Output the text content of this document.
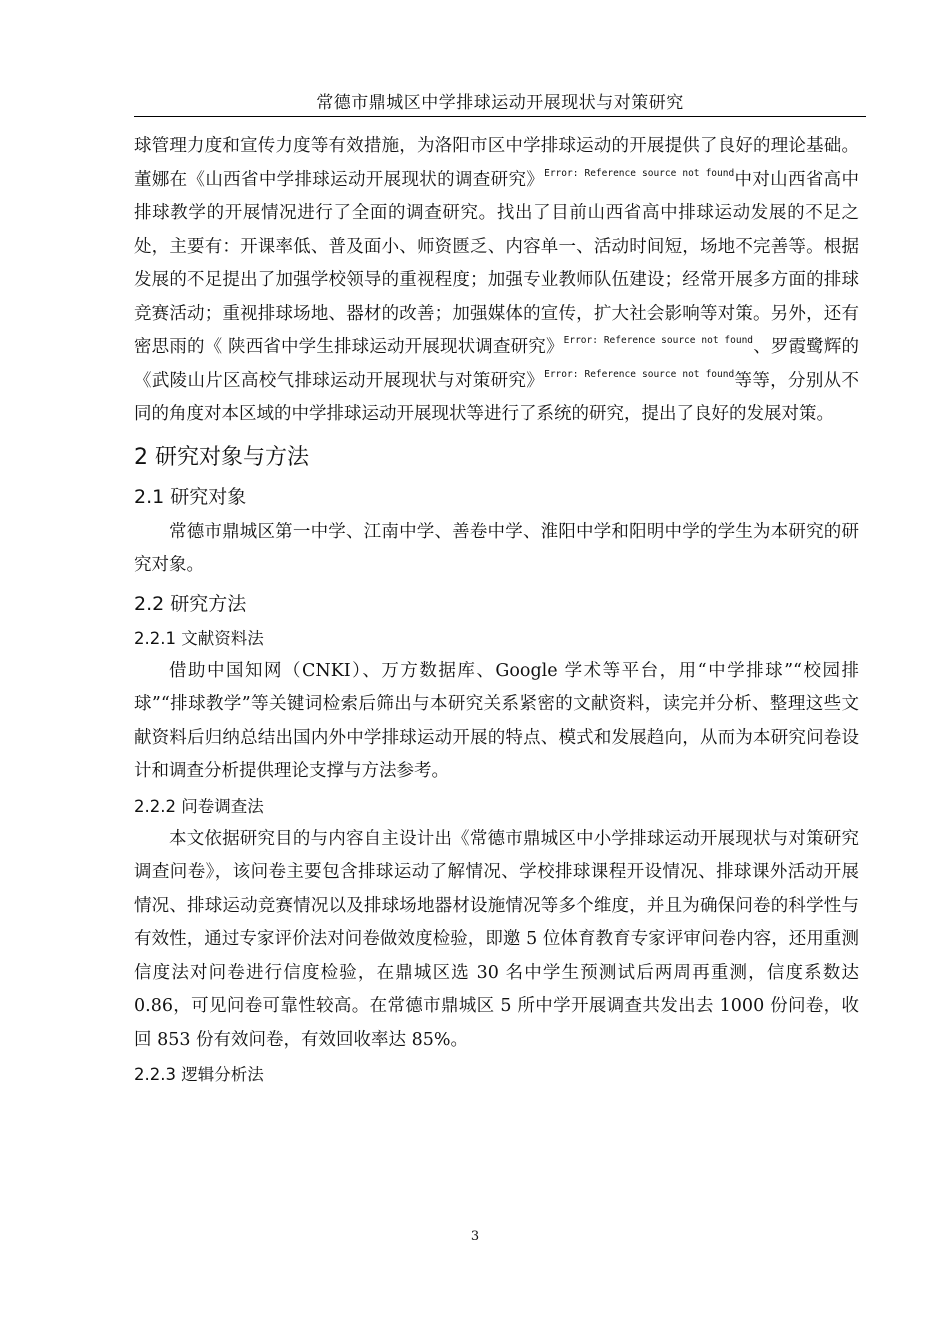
常德市鼎城区中学排球运动开展现状与对策研究

球管理力度和宣传力度等有效措施，为洛阳市区中学排球运动的开展提供了良好的理论基础。董娜在《山西省中学排球运动开展现状的调查研究》$^{Error: Reference source not found}$中对山西省高中排球教学的开展情况进行了全面的调查研究。找出了目前山西省高中排球运动发展的不足之处，主要有：开课率低、普及面小、师资匮乏、内容单一、活动时间短，场地不完善等。根据发展的不足提出了加强学校领导的重视程度；加强专业教师队伍建设；经常开展多方面的排球竞赛活动；重视排球场地、器材的改善；加强媒体的宣传，扩大社会影响等对策。另外，还有密思雨的《 陕西省中学生排球运动开展现状调查研究》$^{Error: Reference source not found}$、罗霞鹭辉的《武陵山片区高校气排球运动开展现状与对策研究》$^{Error: Reference source not found}$等等，分别从不同的角度对本区域的中学排球运动开展现状等进行了系统的研究，提出了良好的发展对策。

2 研究对象与方法
2.1 研究对象

常德市鼎城区第一中学、江南中学、善卷中学、淮阳中学和阳明中学的学生为本研究的研究对象。

2.2 研究方法
2.2.1 文献资料法

借助中国知网（CNKI）、万方数据库、Google 学术等平台，用“中学排球”“校园排球”“排球教学”等关键词检索后筛出与本研究关系紧密的文献资料，读完并分析、整理这些文献资料后归纳总结出国内外中学排球运动开展的特点、模式和发展趋向，从而为本研究问卷设计和调查分析提供理论支撑与方法参考。

2.2.2 问卷调查法

本文依据研究目的与内容自主设计出《常德市鼎城区中小学排球运动开展现状与对策研究调查问卷》，该问卷主要包含排球运动了解情况、学校排球课程开设情况、排球课外活动开展情况、排球运动竞赛情况以及排球场地器材设施情况等多个维度，并且为确保问卷的科学性与有效性，通过专家评价法对问卷做效度检验，即邀 5 位体育教育专家评审问卷内容，还用重测信度法对问卷进行信度检验，在鼎城区选 30 名中学生预测试后两周再重测，信度系数达 0.86，可见问卷可靠性较高。在常德市鼎城区 5 所中学开展调查共发出去 1000 份问卷，收回 853 份有效问卷，有效回收率达 85%。

2.2.3 逻辑分析法
3
